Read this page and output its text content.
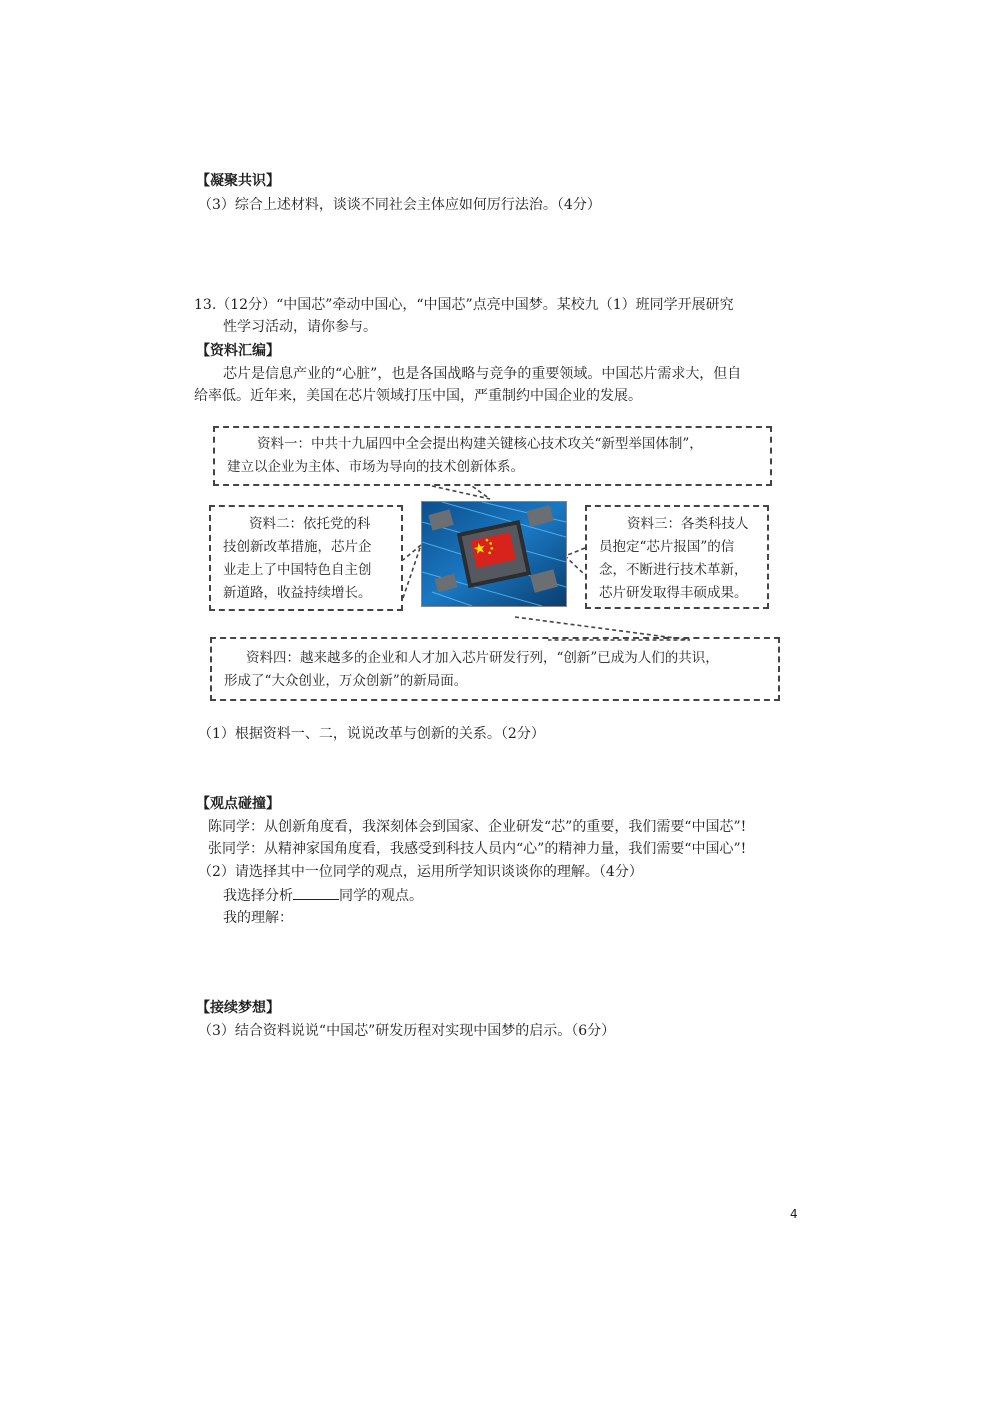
【凝聚共识】
（3）综合上述材料，谈谈不同社会主体应如何厉行法治。（4分）
13.（12分）“中国芯”牵动中国心，“中国芯”点亮中国梦。某校九（1）班同学开展研究
性学习活动，请你参与。
【资料汇编】
芯片是信息产业的“心脏”，也是各国战略与竞争的重要领域。中国芯片需求大，但自
给率低。近年来，美国在芯片领域打压中国，严重制约中国企业的发展。
资料一：中共十九届四中全会提出构建关键核心技术攻关“新型举国体制”，
建立以企业为主体、市场为导向的技术创新体系。
资料二：依托党的科
技创新改革措施，芯片企
业走上了中国特色自主创
新道路，收益持续增长。
资料三：各类科技人
员抱定“芯片报国”的信
念，不断进行技术革新，
芯片研发取得丰硕成果。
资料四：越来越多的企业和人才加入芯片研发行列，“创新”已成为人们的共识，
形成了“大众创业，万众创新”的新局面。
（1）根据资料一、二，说说改革与创新的关系。（2分）
【观点碰撞】
陈同学：从创新角度看，我深刻体会到国家、企业研发“芯”的重要，我们需要“中国芯”!
张同学：从精神家国角度看，我感受到科技人员内“心”的精神力量，我们需要“中国心”!
（2）请选择其中一位同学的观点，运用所学知识谈谈你的理解。（4分）
我选择分析	同学的观点。
我的理解：
【接续梦想】
（3）结合资料说说“中国芯”研发历程对实现中国梦的启示。（6分）
4
